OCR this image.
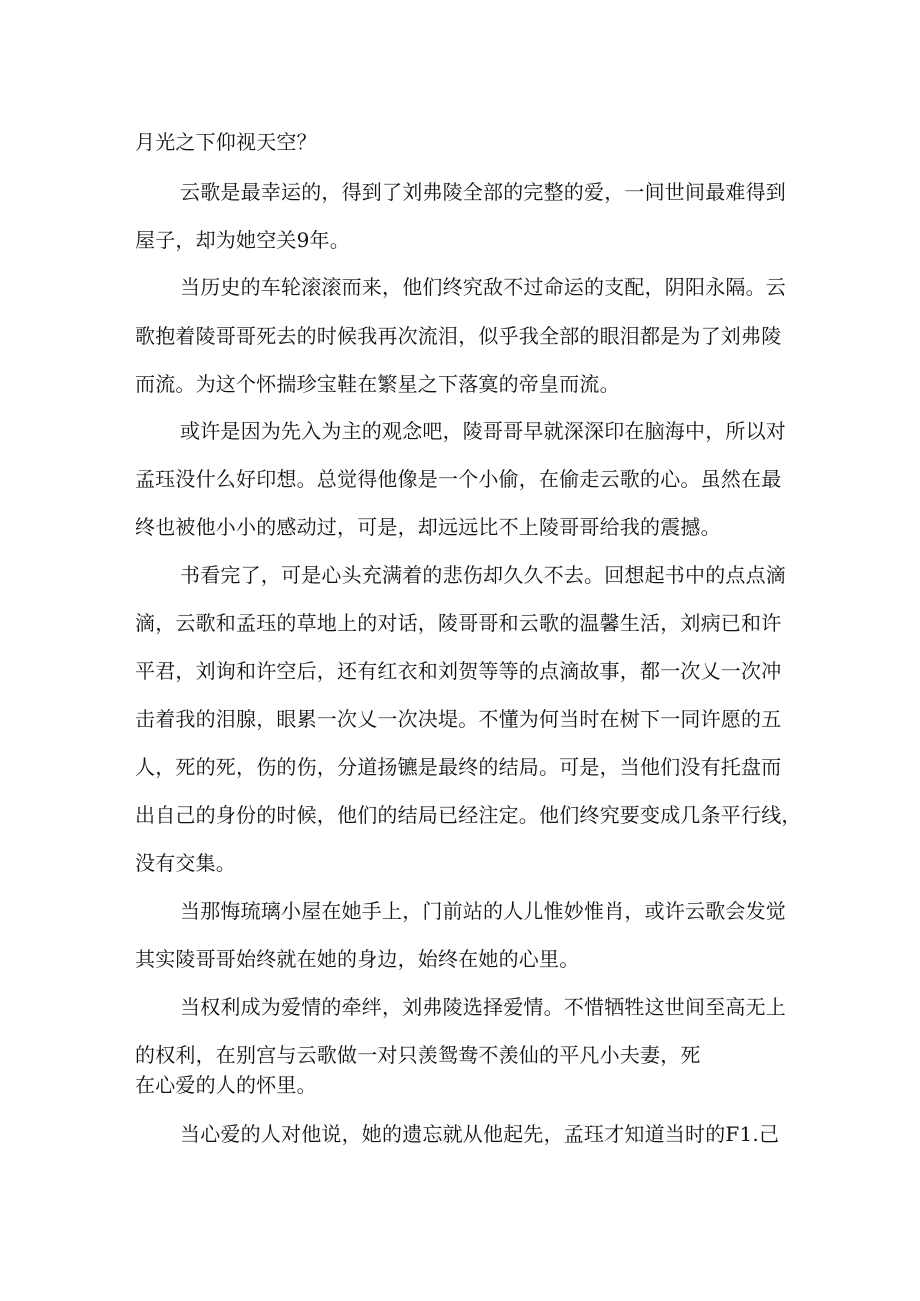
月光之下仰视天空？
云歌是最幸运的，得到了刘弗陵全部的完整的爱，一间世间最难得到
屋子，却为她空关9年。
当历史的车轮滚滚而来，他们终究敌不过命运的支配，阴阳永隔。云
歌抱着陵哥哥死去的时候我再次流泪，似乎我全部的眼泪都是为了刘弗陵
而流。为这个怀揣珍宝鞋在繁星之下落寞的帝皇而流。
或许是因为先入为主的观念吧，陵哥哥早就深深印在脑海中，所以对
孟珏没什么好印想。总觉得他像是一个小偷，在偷走云歌的心。虽然在最
终也被他小小的感动过，可是，却远远比不上陵哥哥给我的震撼。
书看完了，可是心头充满着的悲伤却久久不去。回想起书中的点点滴
滴，云歌和孟珏的草地上的对话，陵哥哥和云歌的温馨生活，刘病已和许
平君，刘询和许空后，还有红衣和刘贺等等的点滴故事，都一次乂一次冲
击着我的泪腺，眼累一次乂一次决堤。不懂为何当时在树下一同许愿的五
人，死的死，伤的伤，分道扬镳是最终的结局。可是，当他们没有托盘而
出自己的身份的时候，他们的结局已经注定。他们终究要变成几条平行线，
没有交集。
当那悔琉璃小屋在她手上，门前站的人儿惟妙惟肖，或许云歌会发觉
其实陵哥哥始终就在她的身边，始终在她的心里。
当权利成为爱情的牵绊，刘弗陵选择爱情。不惜牺牲这世间至高无上
的权利，在别宫与云歌做一对只羡鸳鸯不羡仙的平凡小夫妻，死
在心爱的人的怀里。
当心爱的人对他说，她的遗忘就从他起先，孟珏才知道当时的F1.己
